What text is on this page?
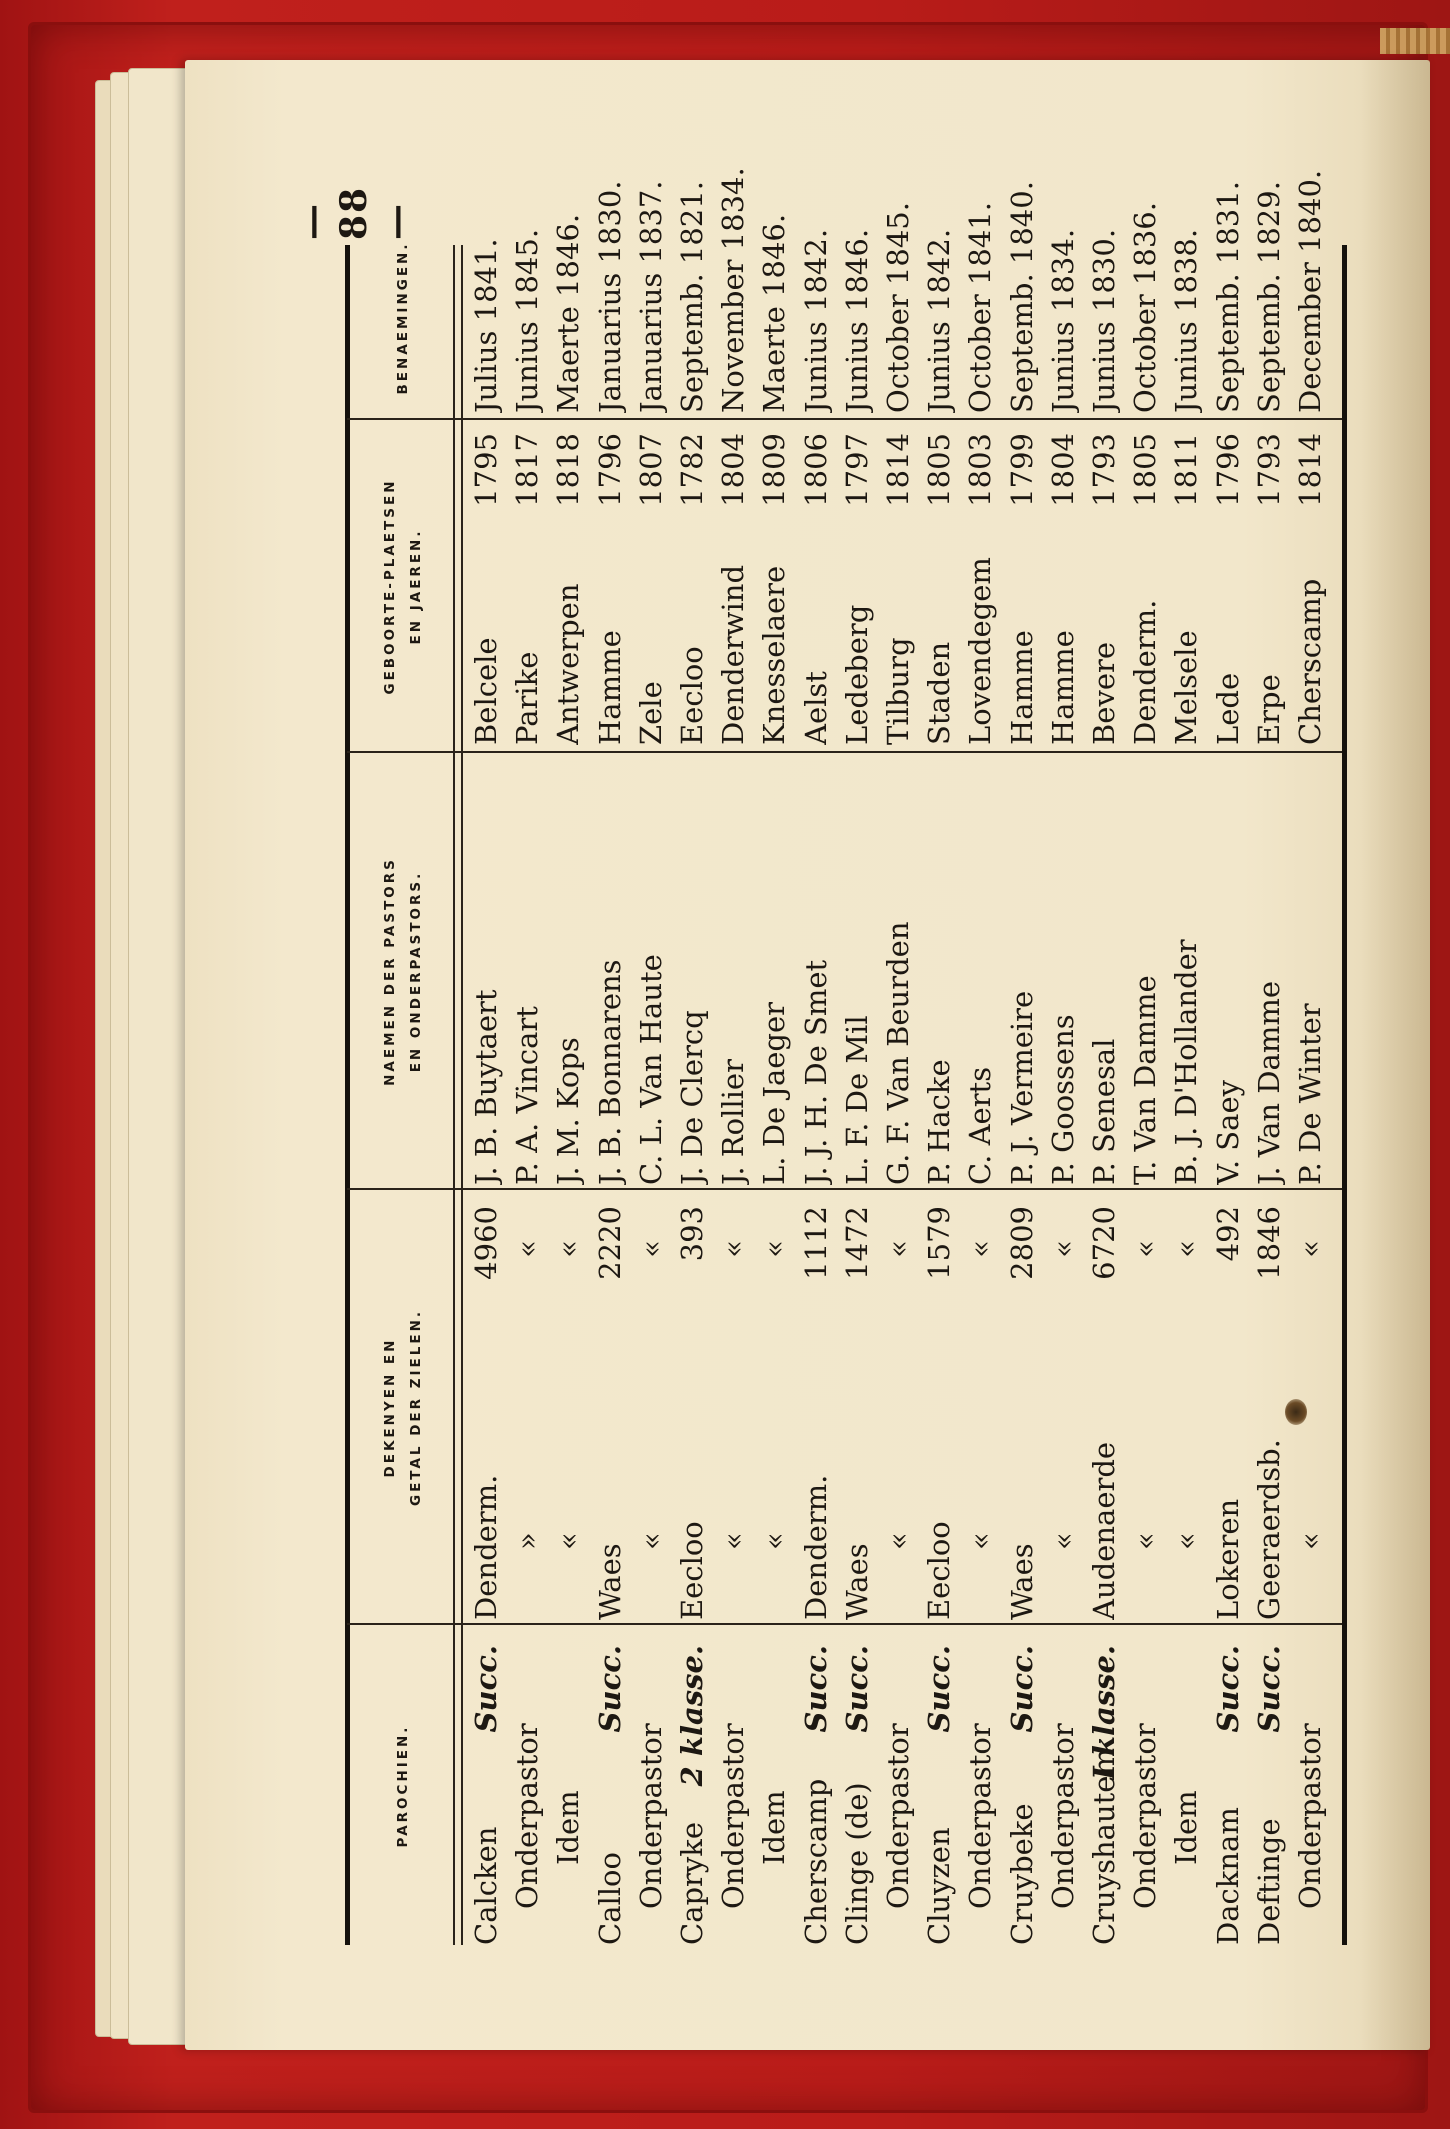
— 88 —
PAROCHIEN.
DEKENYEN EN GETAL DER ZIELEN.
NAEMEN DER PASTORS EN ONDERPASTORS.
GEBOORTE-PLAETSEN EN JAEREN.
BENAEMINGEN.
Calcken
Succ.
Denderm.
4960
J. B. Buytaert
Belcele
1795
Julius 1841.
Onderpastor
»
«
P. A. Vincart
Parike
1817
Junius 1845.
Idem
«
«
J. M. Kops
Antwerpen
1818
Maerte 1846.
Calloo
Succ.
Waes
2220
J. B. Bonnarens
Hamme
1796
Januarius 1830.
Onderpastor
«
«
C. L. Van Haute
Zele
1807
Januarius 1837.
Capryke
2 klasse.
Eecloo
393
J. De Clercq
Eecloo
1782
Septemb. 1821.
Onderpastor
«
«
J. Rollier
Denderwind
1804
November 1834.
Idem
«
«
L. De Jaeger
Knesselaere
1809
Maerte 1846.
Cherscamp
Succ.
Denderm.
1112
J. J. H. De Smet
Aelst
1806
Junius 1842.
Clinge (de)
Succ.
Waes
1472
L. F. De Mil
Ledeberg
1797
Junius 1846.
Onderpastor
«
«
G. F. Van Beurden
Tilburg
1814
October 1845.
Cluyzen
Succ.
Eecloo
1579
P. Hacke
Staden
1805
Junius 1842.
Onderpastor
«
«
C. Aerts
Lovendegem
1803
October 1841.
Cruybeke
Succ.
Waes
2809
P. J. Vermeire
Hamme
1799
Septemb. 1840.
Onderpastor
«
«
P. Goossens
Hamme
1804
Junius 1834.
Cruyshautem
I klasse.
Audenaerde
6720
P. Senesal
Bevere
1793
Junius 1830.
Onderpastor
«
«
T. Van Damme
Denderm.
1805
October 1836.
Idem
«
«
B. J. D'Hollander
Melsele
1811
Junius 1838.
Dacknam
Succ.
Lokeren
492
V. Saey
Lede
1796
Septemb. 1831.
Deftinge
Succ.
Geeraerdsb.
1846
J. Van Damme
Erpe
1793
Septemb. 1829.
Onderpastor
«
«
P. De Winter
Cherscamp
1814
December 1840.
